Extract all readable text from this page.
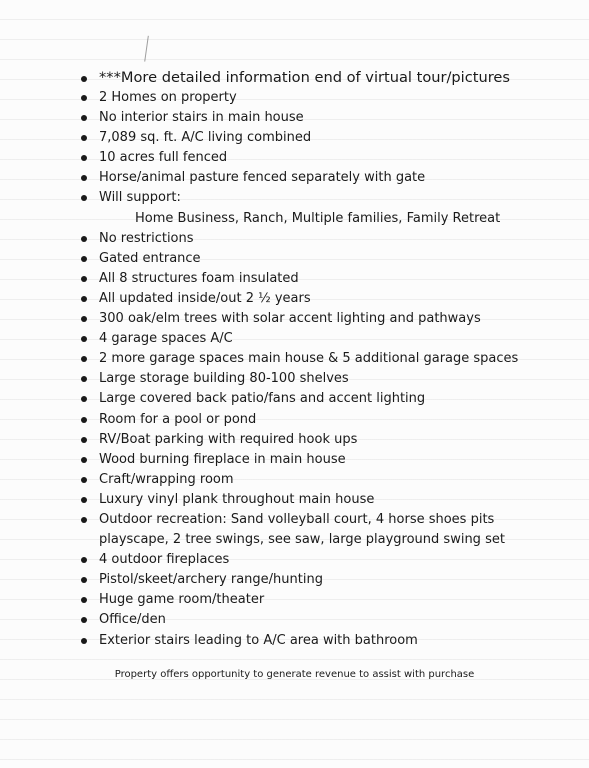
***More detailed information end of virtual tour/pictures
2 Homes on property
No interior stairs in main house
7,089 sq. ft. A/C living combined
10 acres full fenced
Horse/animal pasture fenced separately with gate
Will support:
Home Business, Ranch, Multiple families, Family Retreat
No restrictions
Gated entrance
All 8 structures foam insulated
All updated inside/out 2 ½ years
300 oak/elm trees with solar accent lighting and pathways
4 garage spaces A/C
2 more garage spaces main house & 5 additional garage spaces
Large storage building 80-100 shelves
Large covered back patio/fans and accent lighting
Room for a pool or pond
RV/Boat parking with required hook ups
Wood burning fireplace in main house
Craft/wrapping room
Luxury vinyl plank throughout main house
Outdoor recreation: Sand volleyball court, 4 horse shoes pits
playscape, 2 tree swings, see saw, large playground swing set
4 outdoor fireplaces
Pistol/skeet/archery range/hunting
Huge game room/theater
Office/den
Exterior stairs leading to A/C area with bathroom
Property offers opportunity to generate revenue to assist with purchase
